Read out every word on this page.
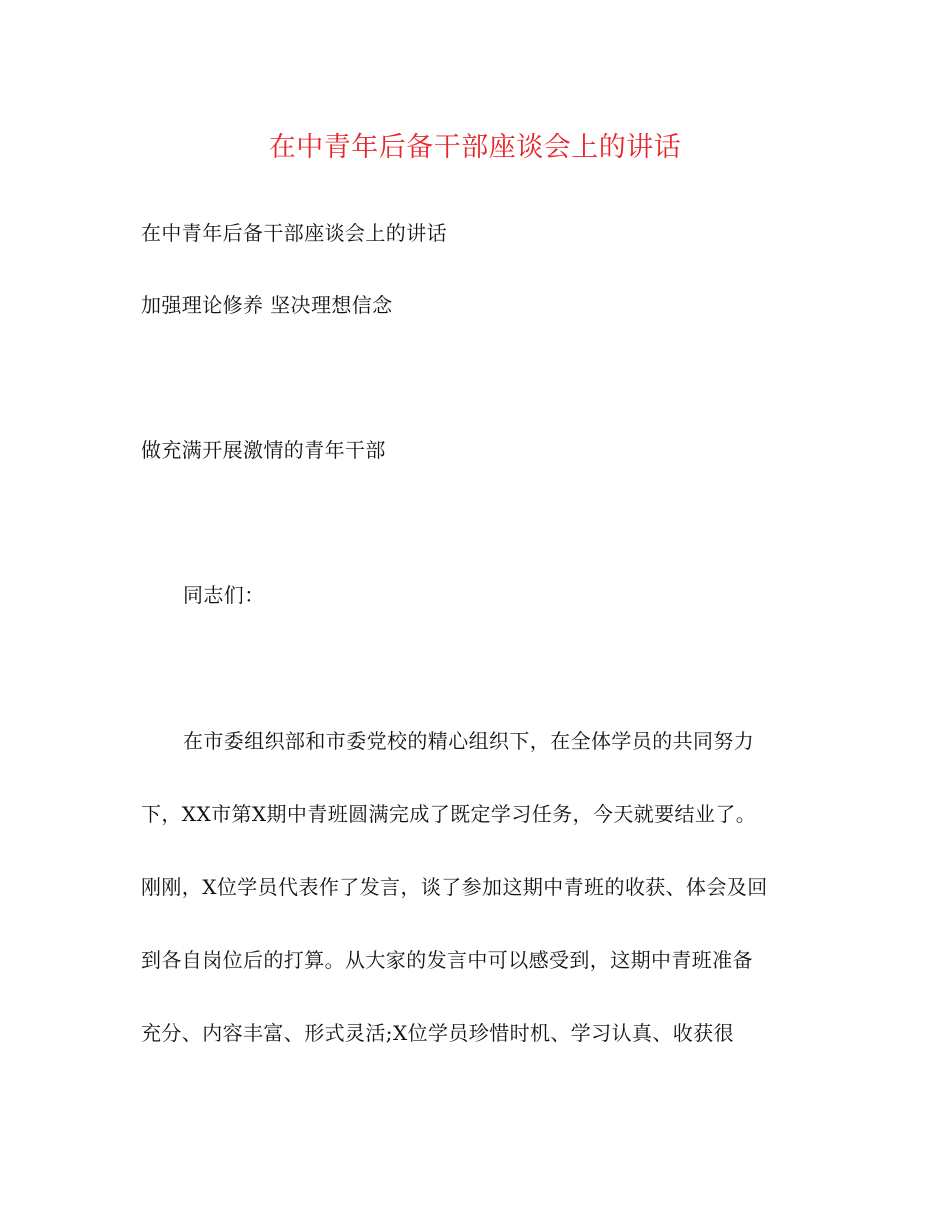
在中青年后备干部座谈会上的讲话
在中青年后备干部座谈会上的讲话
加强理论修养 坚决理想信念
做充满开展激情的青年干部
同志们：
在市委组织部和市委党校的精心组织下，在全体学员的共同努力
下，XX市第X期中青班圆满完成了既定学习任务，今天就要结业了。
刚刚，X位学员代表作了发言，谈了参加这期中青班的收获、体会及回
到各自岗位后的打算。从大家的发言中可以感受到，这期中青班准备
充分、内容丰富、形式灵活;X位学员珍惜时机、学习认真、收获很
